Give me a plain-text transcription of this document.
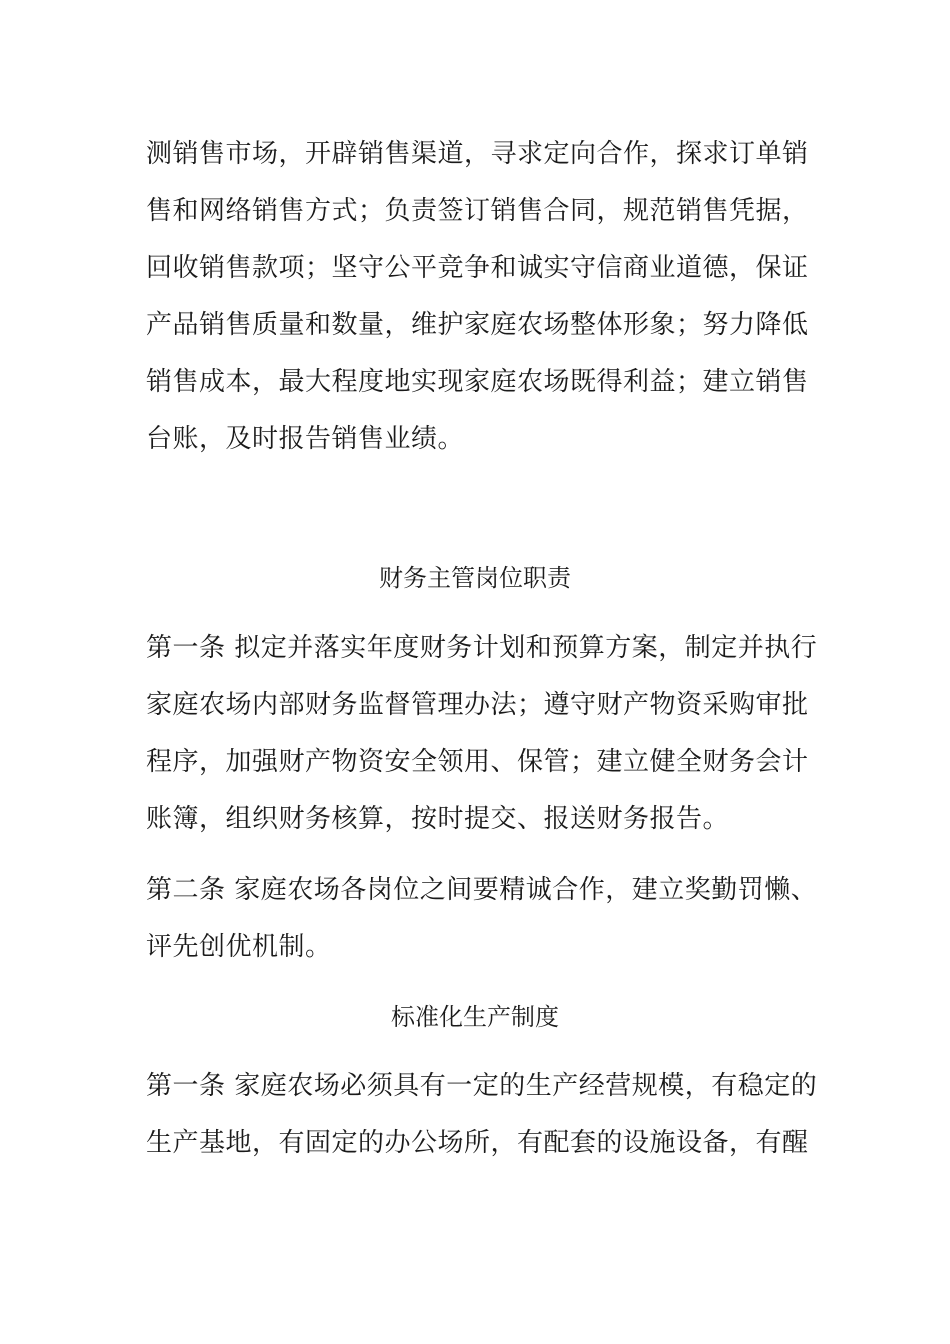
测销售市场，开辟销售渠道，寻求定向合作，探求订单销
售和网络销售方式；负责签订销售合同，规范销售凭据，
回收销售款项；坚守公平竞争和诚实守信商业道德，保证
产品销售质量和数量，维护家庭农场整体形象；努力降低
销售成本，最大程度地实现家庭农场既得利益；建立销售
台账，及时报告销售业绩。
财务主管岗位职责
第一条 拟定并落实年度财务计划和预算方案，制定并执行
家庭农场内部财务监督管理办法；遵守财产物资采购审批
程序，加强财产物资安全领用、保管；建立健全财务会计
账簿，组织财务核算，按时提交、报送财务报告。
第二条 家庭农场各岗位之间要精诚合作，建立奖勤罚懒、
评先创优机制。
标准化生产制度
第一条 家庭农场必须具有一定的生产经营规模，有稳定的
生产基地，有固定的办公场所，有配套的设施设备，有醒
